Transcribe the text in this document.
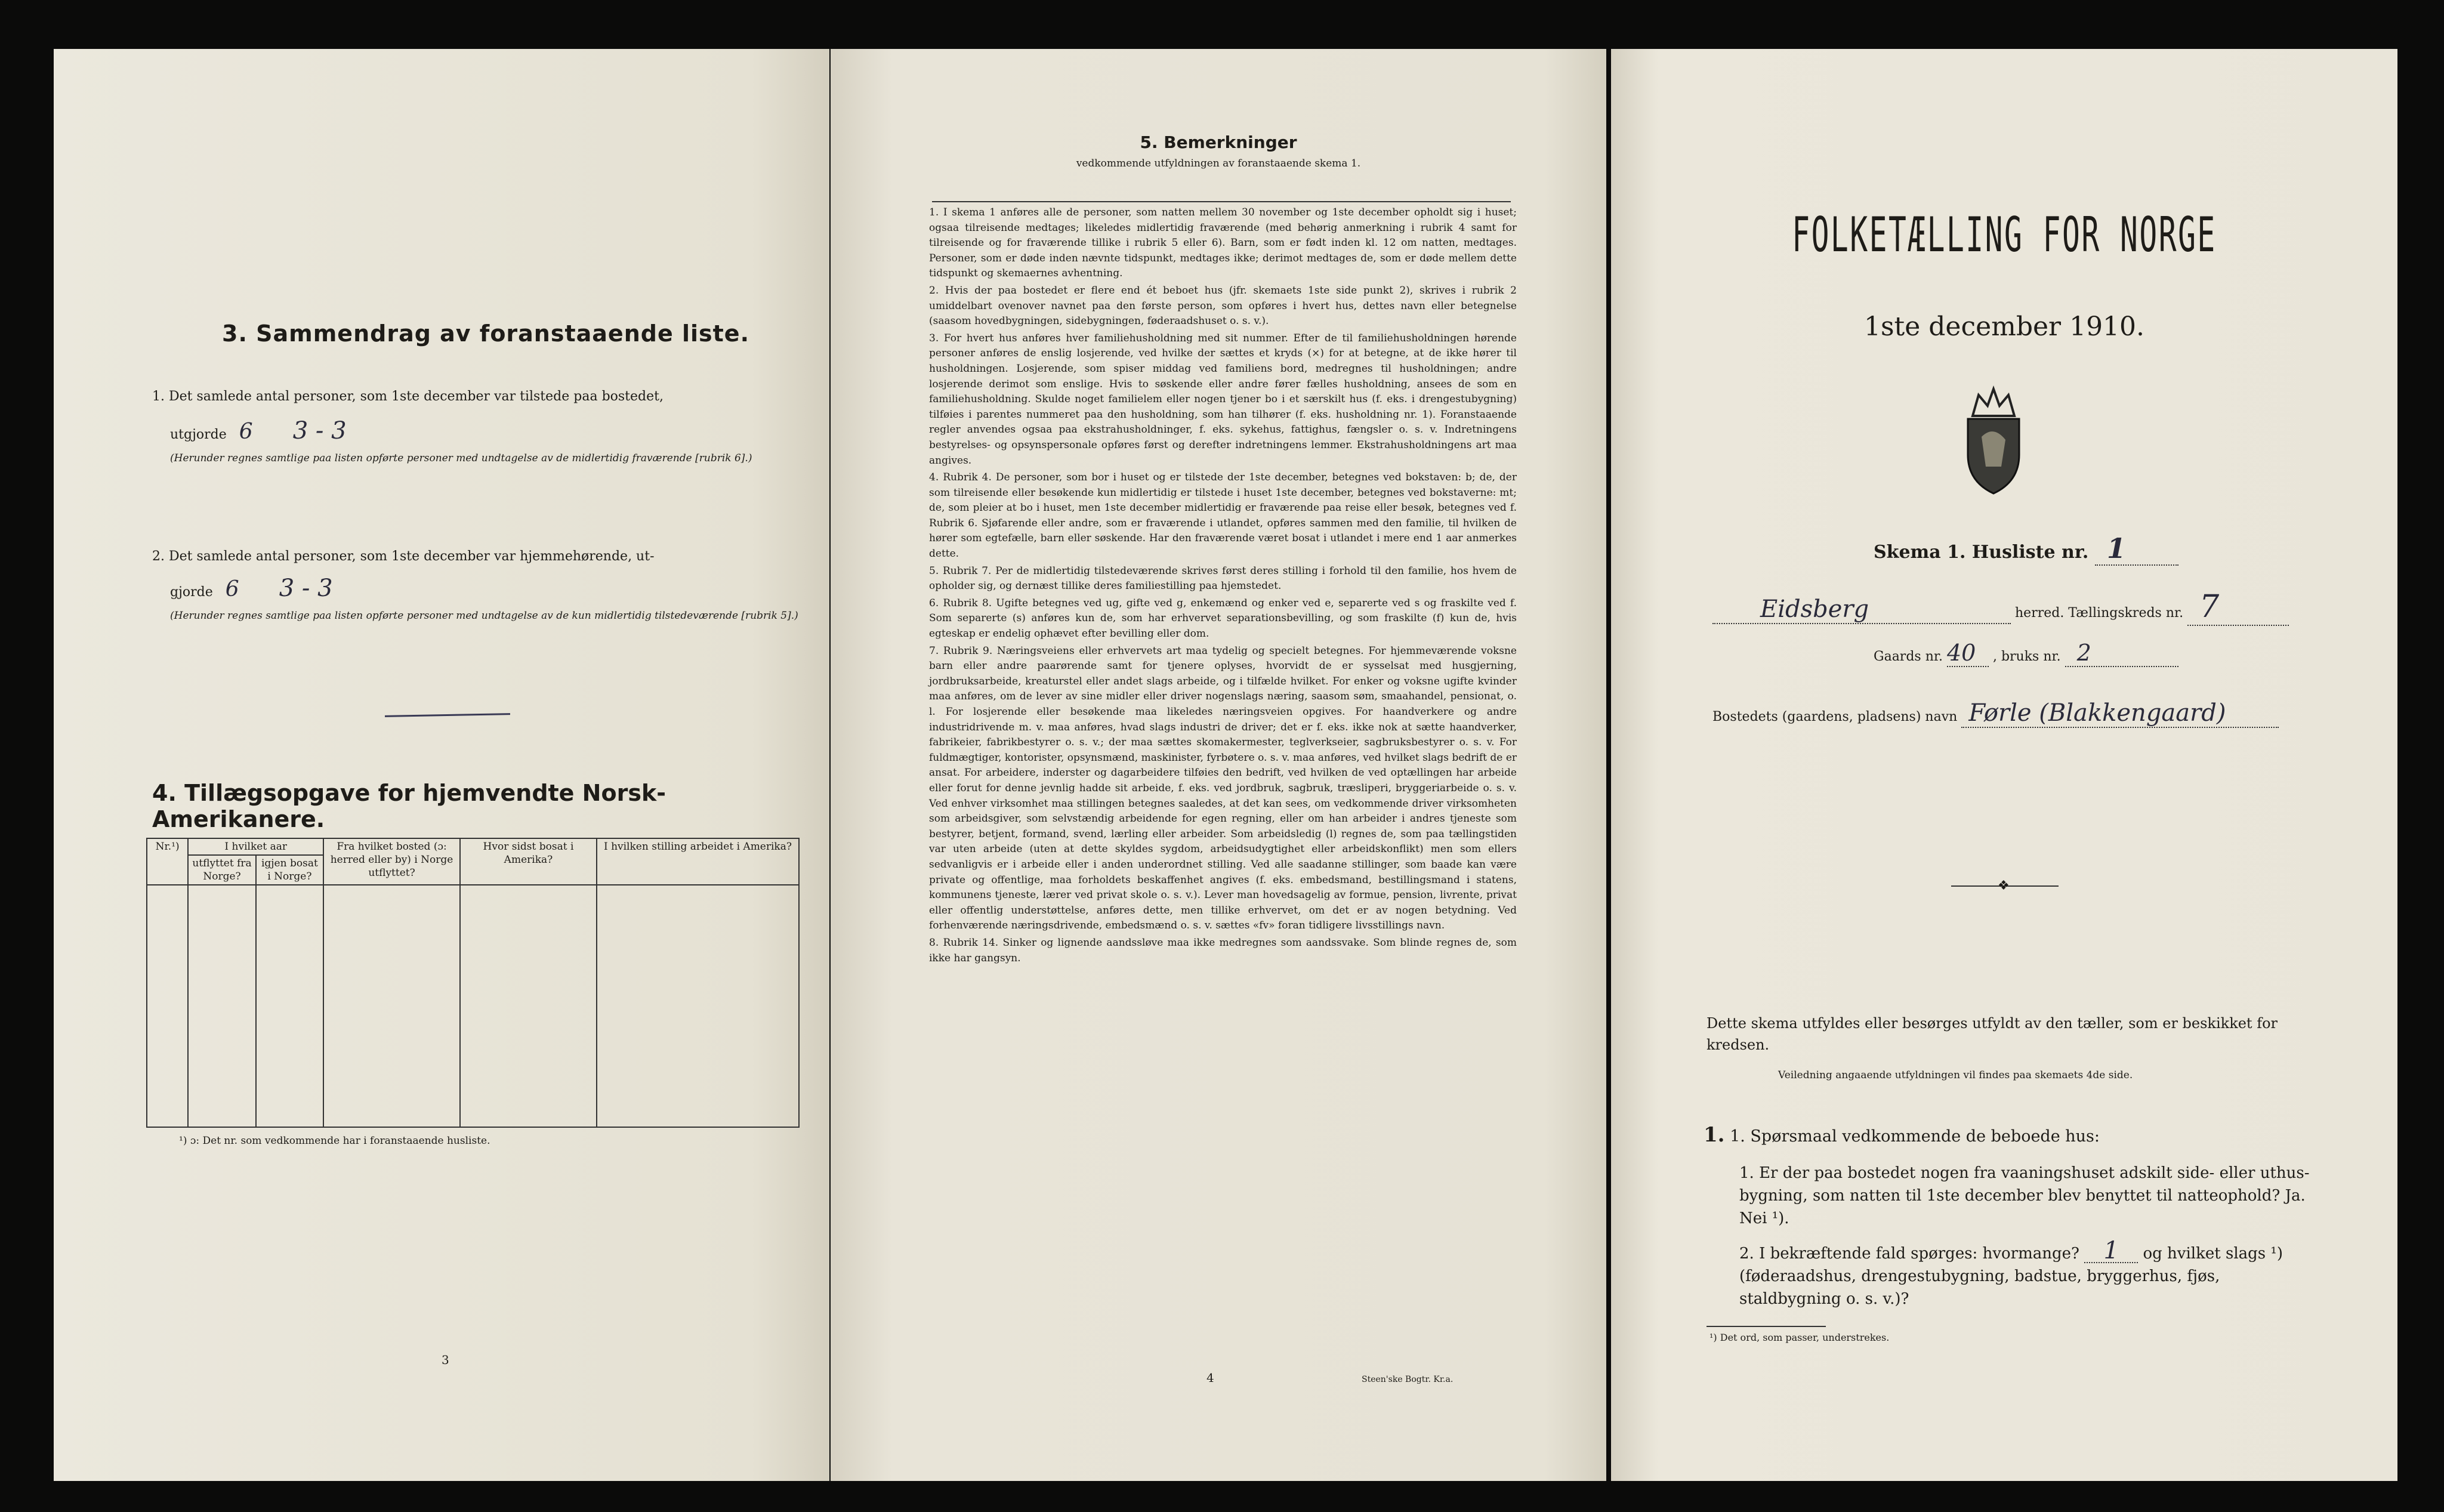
3. Sammendrag av foranstaaende liste.
1. Det samlede antal personer, som 1ste december var tilstede paa bostedet,
utgjorde 6 3 - 3
(Herunder regnes samtlige paa listen opførte personer med undtagelse av de midlertidig fraværende [rubrik 6].)
2. Det samlede antal personer, som 1ste december var hjemmehørende, ut-
gjorde 6 3 - 3
(Herunder regnes samtlige paa listen opførte personer med undtagelse av de kun midlertidig tilstedeværende [rubrik 5].)
4. Tillægsopgave for hjemvendte Norsk-Amerikanere.
Nr.¹)	I hvilket aar		Fra hvilket bosted (ɔ: herred eller by) i Norge utflyttet?	Hvor sidst bosat i Amerika?	I hvilken stilling arbeidet i Amerika?
	utflyttet fra Norge?	igjen bosat i Norge?			

¹) ɔ: Det nr. som vedkommende har i foranstaaende husliste.
3
5. Bemerkninger
vedkommende utfyldningen av foranstaaende skema 1.

1. I skema 1 anføres alle de personer, som natten mellem 30 november og 1ste december opholdt sig i huset; ogsaa tilreisende medtages; likeledes midlertidig fraværende (med behørig anmerkning i rubrik 4 samt for tilreisende og for fraværende tillike i rubrik 5 eller 6). Barn, som er født inden kl. 12 om natten, medtages. Personer, som er døde inden nævnte tidspunkt, medtages ikke; derimot medtages de, som er døde mellem dette tidspunkt og skemaernes avhentning.

2. Hvis der paa bostedet er flere end ét beboet hus (jfr. skemaets 1ste side punkt 2), skrives i rubrik 2 umiddelbart ovenover navnet paa den første person, som opføres i hvert hus, dettes navn eller betegnelse (saasom hovedbygningen, sidebygningen, føderaadshuset o. s. v.).

3. For hvert hus anføres hver familiehusholdning med sit nummer. Efter de til familiehusholdningen hørende personer anføres de enslig losjerende, ved hvilke der sættes et kryds (×) for at betegne, at de ikke hører til husholdningen. Losjerende, som spiser middag ved familiens bord, medregnes til husholdningen; andre losjerende derimot som enslige. Hvis to søskende eller andre fører fælles husholdning, ansees de som en familiehusholdning. Skulde noget familielem eller nogen tjener bo i et særskilt hus (f. eks. i drengestubygning) tilføies i parentes nummeret paa den husholdning, som han tilhører (f. eks. husholdning nr. 1). Foranstaaende regler anvendes ogsaa paa ekstrahusholdninger, f. eks. sykehus, fattighus, fængsler o. s. v. Indretningens bestyrelses- og opsynspersonale opføres først og derefter indretningens lemmer. Ekstrahusholdningens art maa angives.

4. Rubrik 4. De personer, som bor i huset og er tilstede der 1ste december, betegnes ved bokstaven: b; de, der som tilreisende eller besøkende kun midlertidig er tilstede i huset 1ste december, betegnes ved bokstaverne: mt; de, som pleier at bo i huset, men 1ste december midlertidig er fraværende paa reise eller besøk, betegnes ved f. Rubrik 6. Sjøfarende eller andre, som er fraværende i utlandet, opføres sammen med den familie, til hvilken de hører som egtefælle, barn eller søskende. Har den fraværende været bosat i utlandet i mere end 1 aar anmerkes dette.

5. Rubrik 7. Per de midlertidig tilstedeværende skrives først deres stilling i forhold til den familie, hos hvem de opholder sig, og dernæst tillike deres familiestilling paa hjemstedet.

6. Rubrik 8. Ugifte betegnes ved ug, gifte ved g, enkemænd og enker ved e, separerte ved s og fraskilte ved f. Som separerte (s) anføres kun de, som har erhvervet separationsbevilling, og som fraskilte (f) kun de, hvis egteskap er endelig ophævet efter bevilling eller dom.

7. Rubrik 9. Næringsveiens eller erhvervets art maa tydelig og specielt betegnes. For hjemmeværende voksne barn eller andre paarørende samt for tjenere oplyses, hvorvidt de er sysselsat med husgjerning, jordbruksarbeide, kreaturstel eller andet slags arbeide, og i tilfælde hvilket. For enker og voksne ugifte kvinder maa anføres, om de lever av sine midler eller driver nogenslags næring, saasom søm, smaahandel, pensionat, o. l. For losjerende eller besøkende maa likeledes næringsveien opgives. For haandverkere og andre industridrivende m. v. maa anføres, hvad slags industri de driver; det er f. eks. ikke nok at sætte haandverker, fabrikeier, fabrikbestyrer o. s. v.; der maa sættes skomakermester, teglverkseier, sagbruksbestyrer o. s. v. For fuldmægtiger, kontorister, opsynsmænd, maskinister, fyrbøtere o. s. v. maa anføres, ved hvilket slags bedrift de er ansat. For arbeidere, inderster og dagarbeidere tilføies den bedrift, ved hvilken de ved optællingen har arbeide eller forut for denne jevnlig hadde sit arbeide, f. eks. ved jordbruk, sagbruk, træsliperi, bryggeriarbeide o. s. v. Ved enhver virksomhet maa stillingen betegnes saaledes, at det kan sees, om vedkommende driver virksomheten som arbeidsgiver, som selvstændig arbeidende for egen regning, eller om han arbeider i andres tjeneste som bestyrer, betjent, formand, svend, lærling eller arbeider. Som arbeidsledig (l) regnes de, som paa tællingstiden var uten arbeide (uten at dette skyldes sygdom, arbeidsudygtighet eller arbeidskonflikt) men som ellers sedvanligvis er i arbeide eller i anden underordnet stilling. Ved alle saadanne stillinger, som baade kan være private og offentlige, maa forholdets beskaffenhet angives (f. eks. embedsmand, bestillingsmand i statens, kommunens tjeneste, lærer ved privat skole o. s. v.). Lever man hovedsagelig av formue, pension, livrente, privat eller offentlig understøttelse, anføres dette, men tillike erhvervet, om det er av nogen betydning. Ved forhenværende næringsdrivende, embedsmænd o. s. v. sættes «fv» foran tidligere livsstillings navn.

8. Rubrik 14. Sinker og lignende aandssløve maa ikke medregnes som aandssvake. Som blinde regnes de, som ikke har gangsyn.

4	Steen'ske Bogtr. Kr.a.
FOLKETÆLLING FOR NORGE
1ste december 1910.
Skema 1. Husliste nr. 1
Eidsberg	herred. Tællingskreds nr. 7
Gaards nr. 40 , bruks nr. 2
Bostedets (gaardens, pladsens) navn Førle (Blakkengaard)
❖
Dette skema utfyldes eller besørges utfyldt av den tæller, som er beskikket for kredsen.
Veiledning angaaende utfyldningen vil findes paa skemaets 4de side.
1. 1. Spørsmaal vedkommende de beboede hus:
1. Er der paa bostedet nogen fra vaaningshuset adskilt side- eller uthus-bygning, som natten til 1ste december blev benyttet til natteophold? Ja. Nei ¹).
2. I bekræftende fald spørges: hvormange? 1 og hvilket slags ¹) (føderaadshus, drengestubygning, badstue, bryggerhus, fjøs, staldbygning o. s. v.)?
¹) Det ord, som passer, understrekes.
